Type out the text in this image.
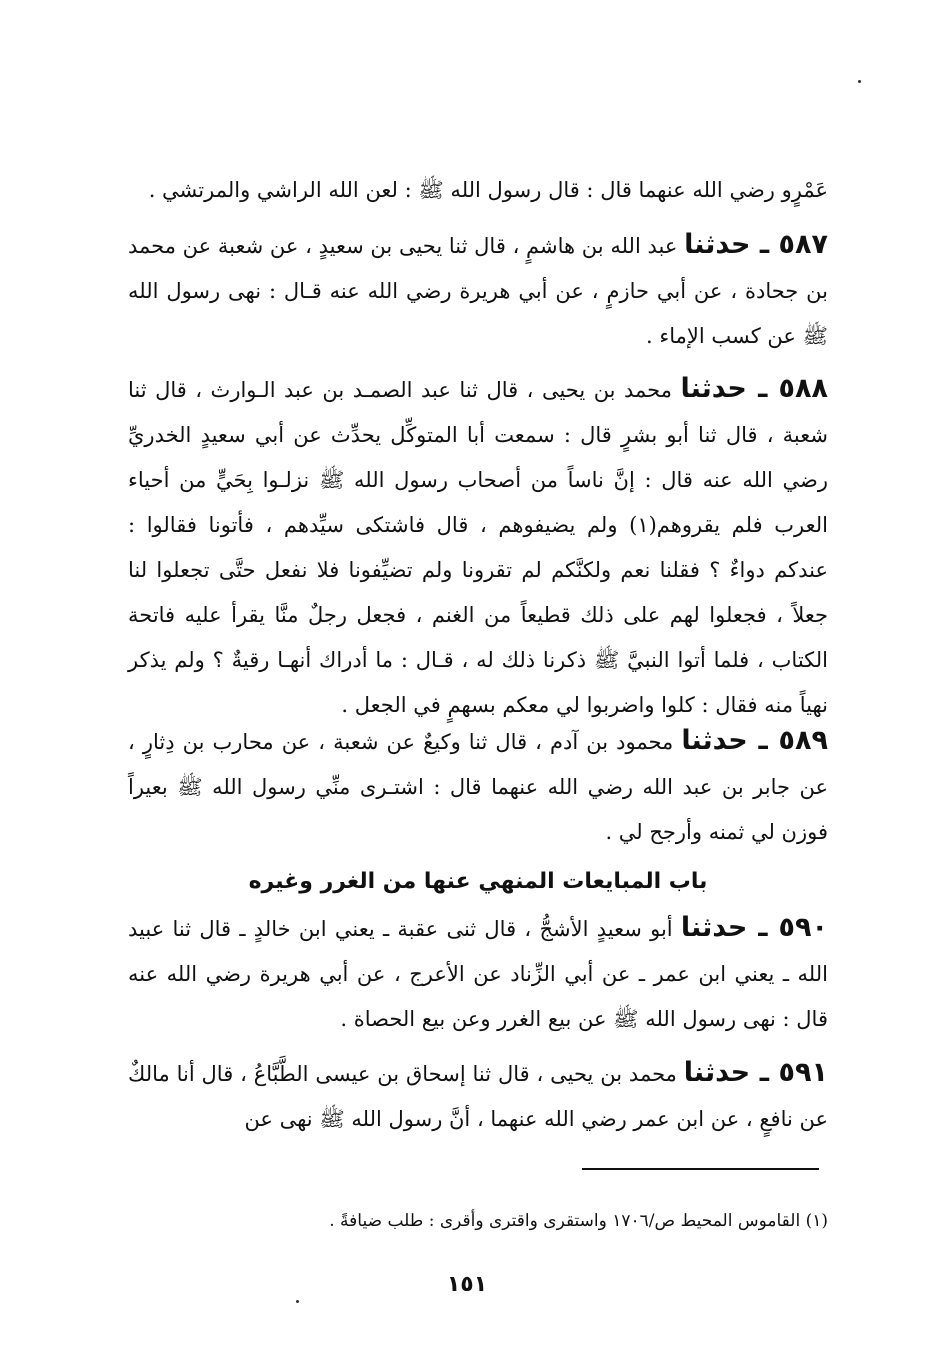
عَمْرٍو رضي الله عنهما قال : قال رسول الله ﷺ : لعن الله الراشي والمرتشي .
٥٨٧ ـ حدثنا عبد الله بن هاشمٍ ، قال ثنا يحيى بن سعيدٍ ، عن شعبة عن محمد بن جحادة ، عن أبي حازمٍ ، عن أبي هريرة رضي الله عنه قـال : نهى رسول الله ﷺ عن كسب الإماء .
٥٨٨ ـ حدثنا محمد بن يحيى ، قال ثنا عبد الصمـد بن عبد الـوارث ، قال ثنا شعبة ، قال ثنا أبو بشرٍ قال : سمعت أبا المتوكِّل يحدِّث عن أبي سعيدٍ الخدريِّ رضي الله عنه قال : إنَّ ناساً من أصحاب رسول الله ﷺ نزلـوا بِحَيٍّ من أحياء العرب فلم يقروهم(١) ولم يضيفوهم ، قال فاشتكى سيِّدهم ، فأتونا فقالوا : عندكم دواءٌ ؟ فقلنا نعم ولكنَّكم لم تقرونا ولم تضيِّفونا فلا نفعل حتَّى تجعلوا لنا جعلاً ، فجعلوا لهم على ذلك قطيعاً من الغنم ، فجعل رجلٌ منَّا يقرأ عليه فاتحة الكتاب ، فلما أتوا النبيَّ ﷺ ذكرنا ذلك له ، قـال : ما أدراك أنهـا رقيةٌ ؟ ولم يذكر نهياً منه فقال : كلوا واضربوا لي معكم بسهمٍ في الجعل .
٥٨٩ ـ حدثنا محمود بن آدم ، قال ثنا وكيعٌ عن شعبة ، عن محارب بن دِثارٍ ، عن جابر بن عبد الله رضي الله عنهما قال : اشتـرى منِّي رسول الله ﷺ بعيراً فوزن لي ثمنه وأرجح لي .
باب المبايعات المنهي عنها من الغرر وغيره
٥٩٠ ـ حدثنا أبو سعيدٍ الأشجُّ ، قال ثنى عقبة ـ يعني ابن خالدٍ ـ قال ثنا عبيد الله ـ يعني ابن عمر ـ عن أبي الزِّناد عن الأعرج ، عن أبي هريرة رضي الله عنه قال : نهى رسول الله ﷺ عن بيع الغرر وعن بيع الحصاة .
٥٩١ ـ حدثنا محمد بن يحيى ، قال ثنا إسحاق بن عيسى الطَّبَّاعُ ، قال أنا مالكٌ عن نافعٍ ، عن ابن عمر رضي الله عنهما ، أنَّ رسول الله ﷺ نهى عن
(١) القاموس المحيط ص/١٧٠٦ واستقرى واقترى وأقرى : طلب ضيافةً .
١٥١
